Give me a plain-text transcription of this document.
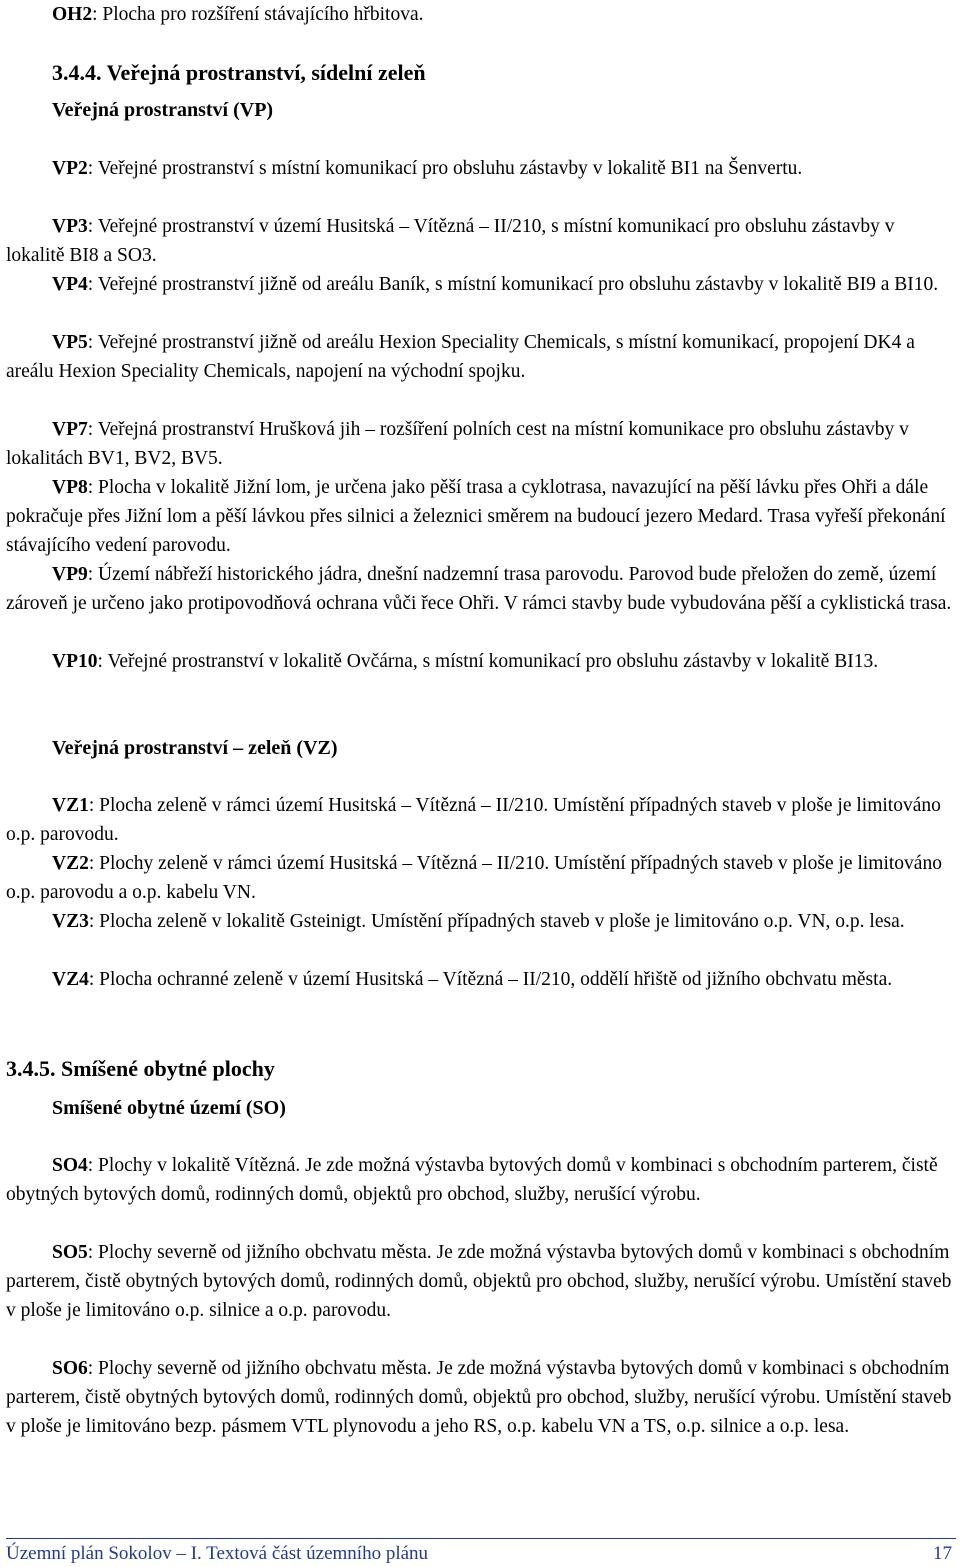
OH2: Plocha pro rozšíření stávajícího hřbitova.

3.4.4. Veřejná prostranství, sídelní zeleň

Veřejná prostranství (VP)

VP2: Veřejné prostranství s místní komunikací pro obsluhu zástavby v lokalitě BI1 na Šenvertu.

VP3: Veřejné prostranství v území Husitská – Vítězná – II/210, s místní komunikací pro obsluhu zástavby v lokalitě BI8 a SO3.

VP4: Veřejné prostranství jižně od areálu Baník, s místní komunikací pro obsluhu zástavby v lokalitě BI9 a BI10.

VP5: Veřejné prostranství jižně od areálu Hexion Speciality Chemicals, s místní komunikací, propojení DK4 a areálu Hexion Speciality Chemicals, napojení na východní spojku.

VP7: Veřejná prostranství Hrušková jih – rozšíření polních cest na místní komunikace pro obsluhu zástavby v lokalitách BV1, BV2, BV5.

VP8: Plocha v lokalitě Jižní lom, je určena jako pěší trasa a cyklotrasa, navazující na pěší lávku přes Ohři a dále pokračuje přes Jižní lom a pěší lávkou přes silnici a železnici směrem na budoucí jezero Medard. Trasa vyřeší překonání stávajícího vedení parovodu.

VP9: Území nábřeží historického jádra, dnešní nadzemní trasa parovodu. Parovod bude přeložen do země, území zároveň je určeno jako protipovodňová ochrana vůči řece Ohři. V rámci stavby bude vybudována pěší a cyklistická trasa.

VP10: Veřejné prostranství v lokalitě Ovčárna, s místní komunikací pro obsluhu zástavby v lokalitě BI13.

Veřejná prostranství – zeleň (VZ)

VZ1: Plocha zeleně v rámci území Husitská – Vítězná – II/210. Umístění případných staveb v ploše je limitováno o.p. parovodu.

VZ2: Plochy zeleně v rámci území Husitská – Vítězná – II/210. Umístění případných staveb v ploše je limitováno o.p. parovodu a o.p. kabelu VN.

VZ3: Plocha zeleně v lokalitě Gsteinigt. Umístění případných staveb v ploše je limitováno o.p. VN, o.p. lesa.

VZ4: Plocha ochranné zeleně v území Husitská – Vítězná – II/210, oddělí hřiště od jižního obchvatu města.

3.4.5. Smíšené obytné plochy

Smíšené obytné území (SO)

SO4: Plochy v lokalitě Vítězná. Je zde možná výstavba bytových domů v kombinaci s obchodním parterem, čistě obytných bytových domů, rodinných domů, objektů pro obchod, služby, nerušící výrobu.

SO5: Plochy severně od jižního obchvatu města. Je zde možná výstavba bytových domů v kombinaci s obchodním parterem, čistě obytných bytových domů, rodinných domů, objektů pro obchod, služby, nerušící výrobu. Umístění staveb v ploše je limitováno o.p. silnice a o.p. parovodu.

SO6: Plochy severně od jižního obchvatu města. Je zde možná výstavba bytových domů v kombinaci s obchodním parterem, čistě obytných bytových domů, rodinných domů, objektů pro obchod, služby, nerušící výrobu. Umístění staveb v ploše je limitováno bezp. pásmem VTL plynovodu a jeho RS, o.p. kabelu VN a TS, o.p. silnice a o.p. lesa.

Územní plán Sokolov – I. Textová část územního plánu	17
